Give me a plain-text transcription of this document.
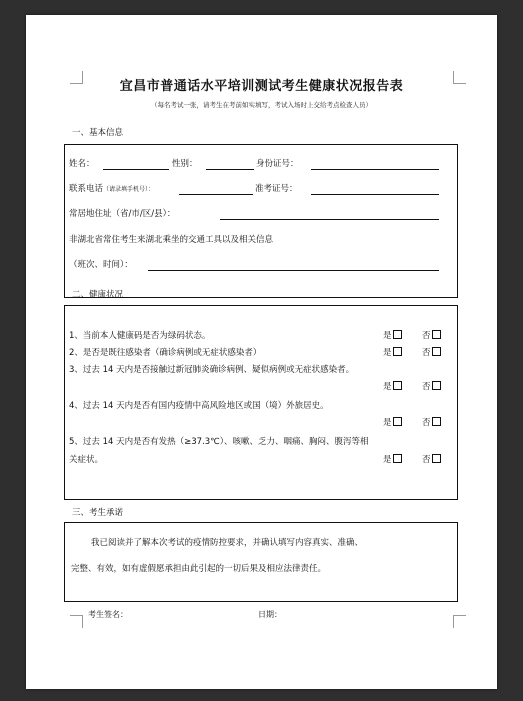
宜昌市普通话水平培训测试考生健康状况报告表
（每名考试一张，请考生在考前如实填写，考试入场时上交给考点检查人员）
一、基本信息
姓名：	性别：	身份证号：
联系电话（请录填手机号）：	准考证号：
常居地住址（省/市/区/县）：
非湖北省常住考生来湖北乘坐的交通工具以及相关信息
（班次、时间）：
二、健康状况
1、当前本人健康码是否为绿码状态。	是	否
2、是否是既往感染者（确诊病例或无症状感染者）	是	否
3、过去 14 天内是否接触过新冠肺炎确诊病例、疑似病例或无症状感染者。
是	否
4、过去 14 天内是否有国内疫情中高风险地区或国（境）外旅居史。
是	否
5、过去 14 天内是否有发热（≥37.3℃）、咳嗽、乏力、咽痛、胸闷、腹泻等相
关症状。	是	否
三、考生承诺
我已阅读并了解本次考试的疫情防控要求，并确认填写内容真实、准确、
完整、有效，如有虚假愿承担由此引起的一切后果及相应法律责任。
考生签名：	日期：
